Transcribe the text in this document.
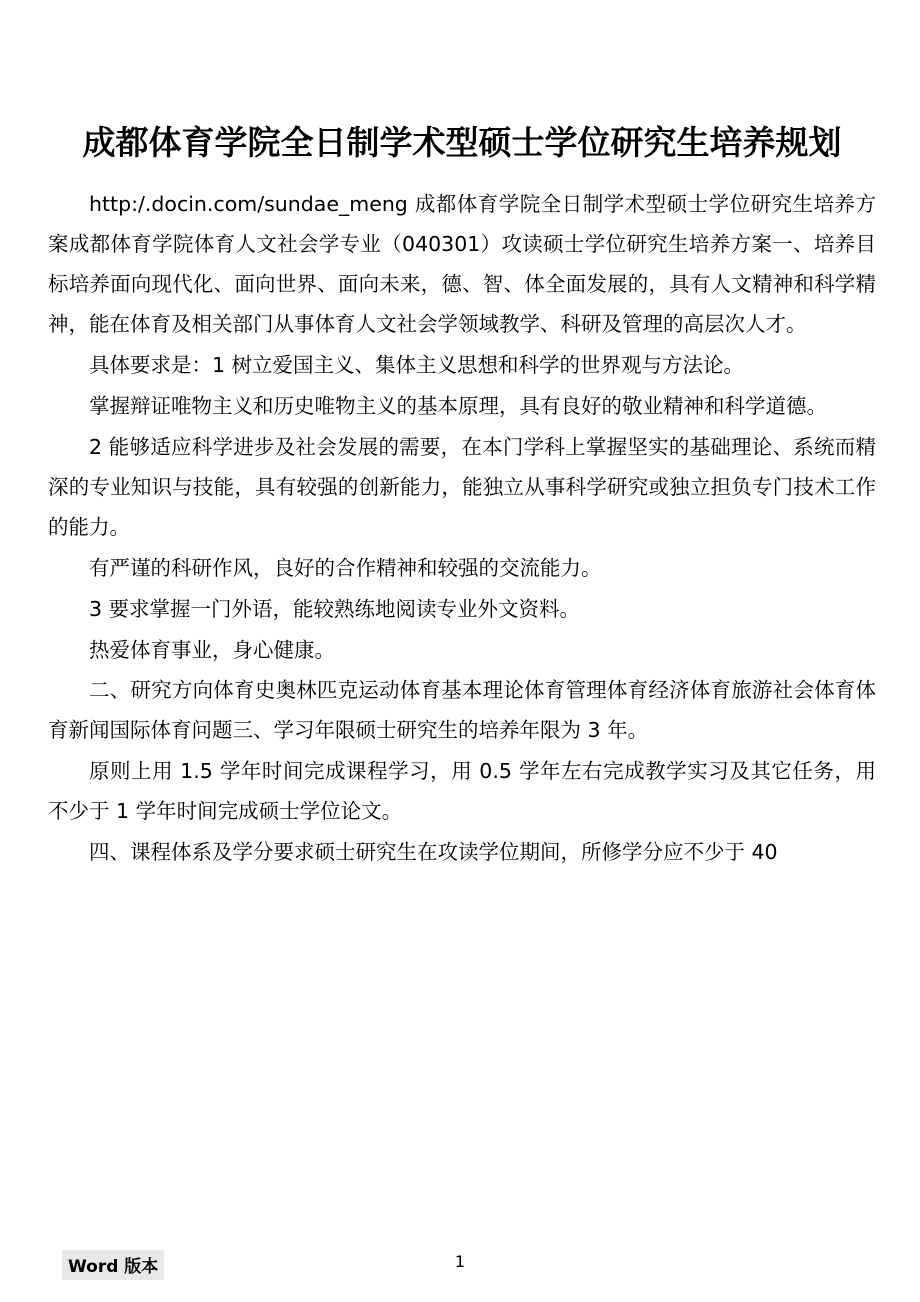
成都体育学院全日制学术型硕士学位研究生培养规划

http:/.docin.com/sundae_meng 成都体育学院全日制学术型硕士学位研究生培养方案成都体育学院体育人文社会学专业（040301）攻读硕士学位研究生培养方案一、培养目标培养面向现代化、面向世界、面向未来，德、智、体全面发展的，具有人文精神和科学精神，能在体育及相关部门从事体育人文社会学领域教学、科研及管理的高层次人才。

具体要求是：1 树立爱国主义、集体主义思想和科学的世界观与方法论。

掌握辩证唯物主义和历史唯物主义的基本原理，具有良好的敬业精神和科学道德。

2 能够适应科学进步及社会发展的需要，在本门学科上掌握坚实的基础理论、系统而精深的专业知识与技能，具有较强的创新能力，能独立从事科学研究或独立担负专门技术工作的能力。

有严谨的科研作风，良好的合作精神和较强的交流能力。

3 要求掌握一门外语，能较熟练地阅读专业外文资料。

热爱体育事业，身心健康。

二、研究方向体育史奥林匹克运动体育基本理论体育管理体育经济体育旅游社会体育体育新闻国际体育问题三、学习年限硕士研究生的培养年限为 3 年。

原则上用 1.5 学年时间完成课程学习，用 0.5 学年左右完成教学实习及其它任务，用不少于 1 学年时间完成硕士学位论文。

四、课程体系及学分要求硕士研究生在攻读学位期间，所修学分应不少于 40

Word 版本	1
